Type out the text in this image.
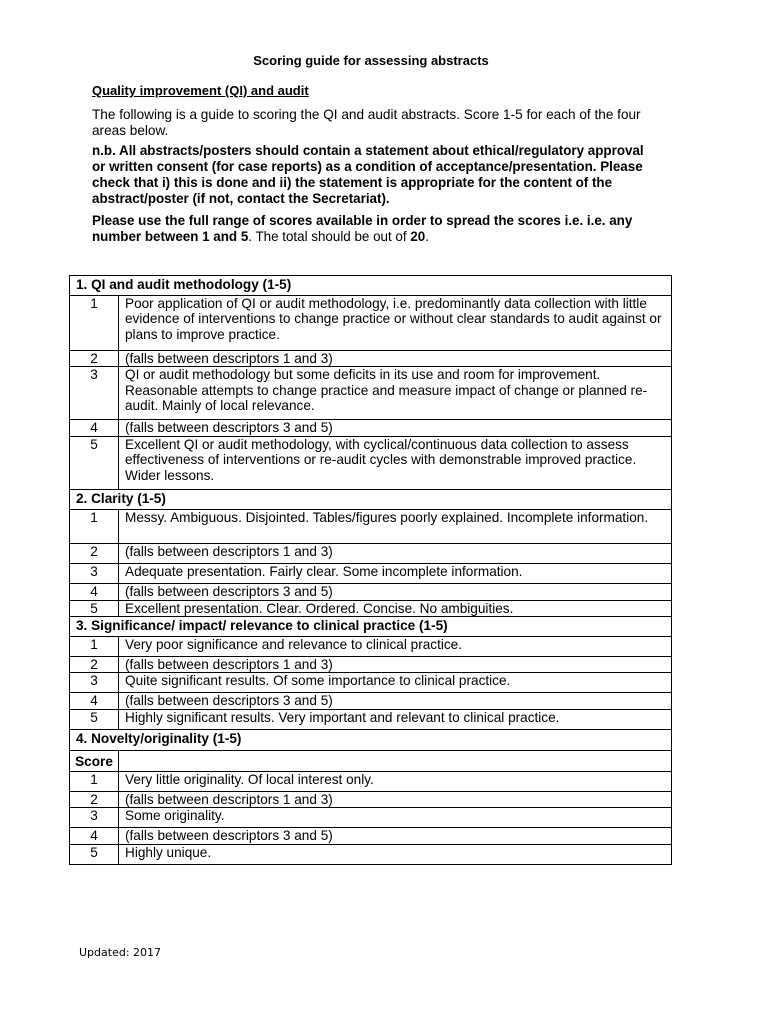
Scoring guide for assessing abstracts
Quality improvement (QI) and audit
The following is a guide to scoring the QI and audit abstracts. Score 1-5 for each of the four areas below.
n.b. All abstracts/posters should contain a statement about ethical/regulatory approval or written consent (for case reports) as a condition of acceptance/presentation. Please check that i) this is done and ii) the statement is appropriate for the content of the abstract/poster (if not, contact the Secretariat).
Please use the full range of scores available in order to spread the scores i.e. i.e. any number between 1 and 5. The total should be out of 20.
1. QI and audit methodology (1-5)	
1	Poor application of QI or audit methodology, i.e. predominantly data collection with little evidence of interventions to change practice or without clear standards to audit against or plans to improve practice.
2	(falls between descriptors 1 and 3)
3	QI or audit methodology but some deficits in its use and room for improvement. Reasonable attempts to change practice and measure impact of change or planned re- audit. Mainly of local relevance.
4	(falls between descriptors 3 and 5)
5	Excellent QI or audit methodology, with cyclical/continuous data collection to assess effectiveness of interventions or re-audit cycles with demonstrable improved practice. Wider lessons.
2. Clarity (1-5)	
1	Messy. Ambiguous. Disjointed. Tables/figures poorly explained. Incomplete information.
2	(falls between descriptors 1 and 3)
3	Adequate presentation. Fairly clear. Some incomplete information.
4	(falls between descriptors 3 and 5)
5	Excellent presentation. Clear. Ordered. Concise. No ambiguities.
3. Significance/ impact/ relevance to clinical practice (1-5)	
1	Very poor significance and relevance to clinical practice.
2	(falls between descriptors 1 and 3)
3	Quite significant results. Of some importance to clinical practice.
4	(falls between descriptors 3 and 5)
5	Highly significant results. Very important and relevant to clinical practice.
4. Novelty/originality (1-5)	
Score	
1	Very little originality. Of local interest only.
2	(falls between descriptors 1 and 3)
3	Some originality.
4	(falls between descriptors 3 and 5)
5	Highly unique.
Updated: 2017
